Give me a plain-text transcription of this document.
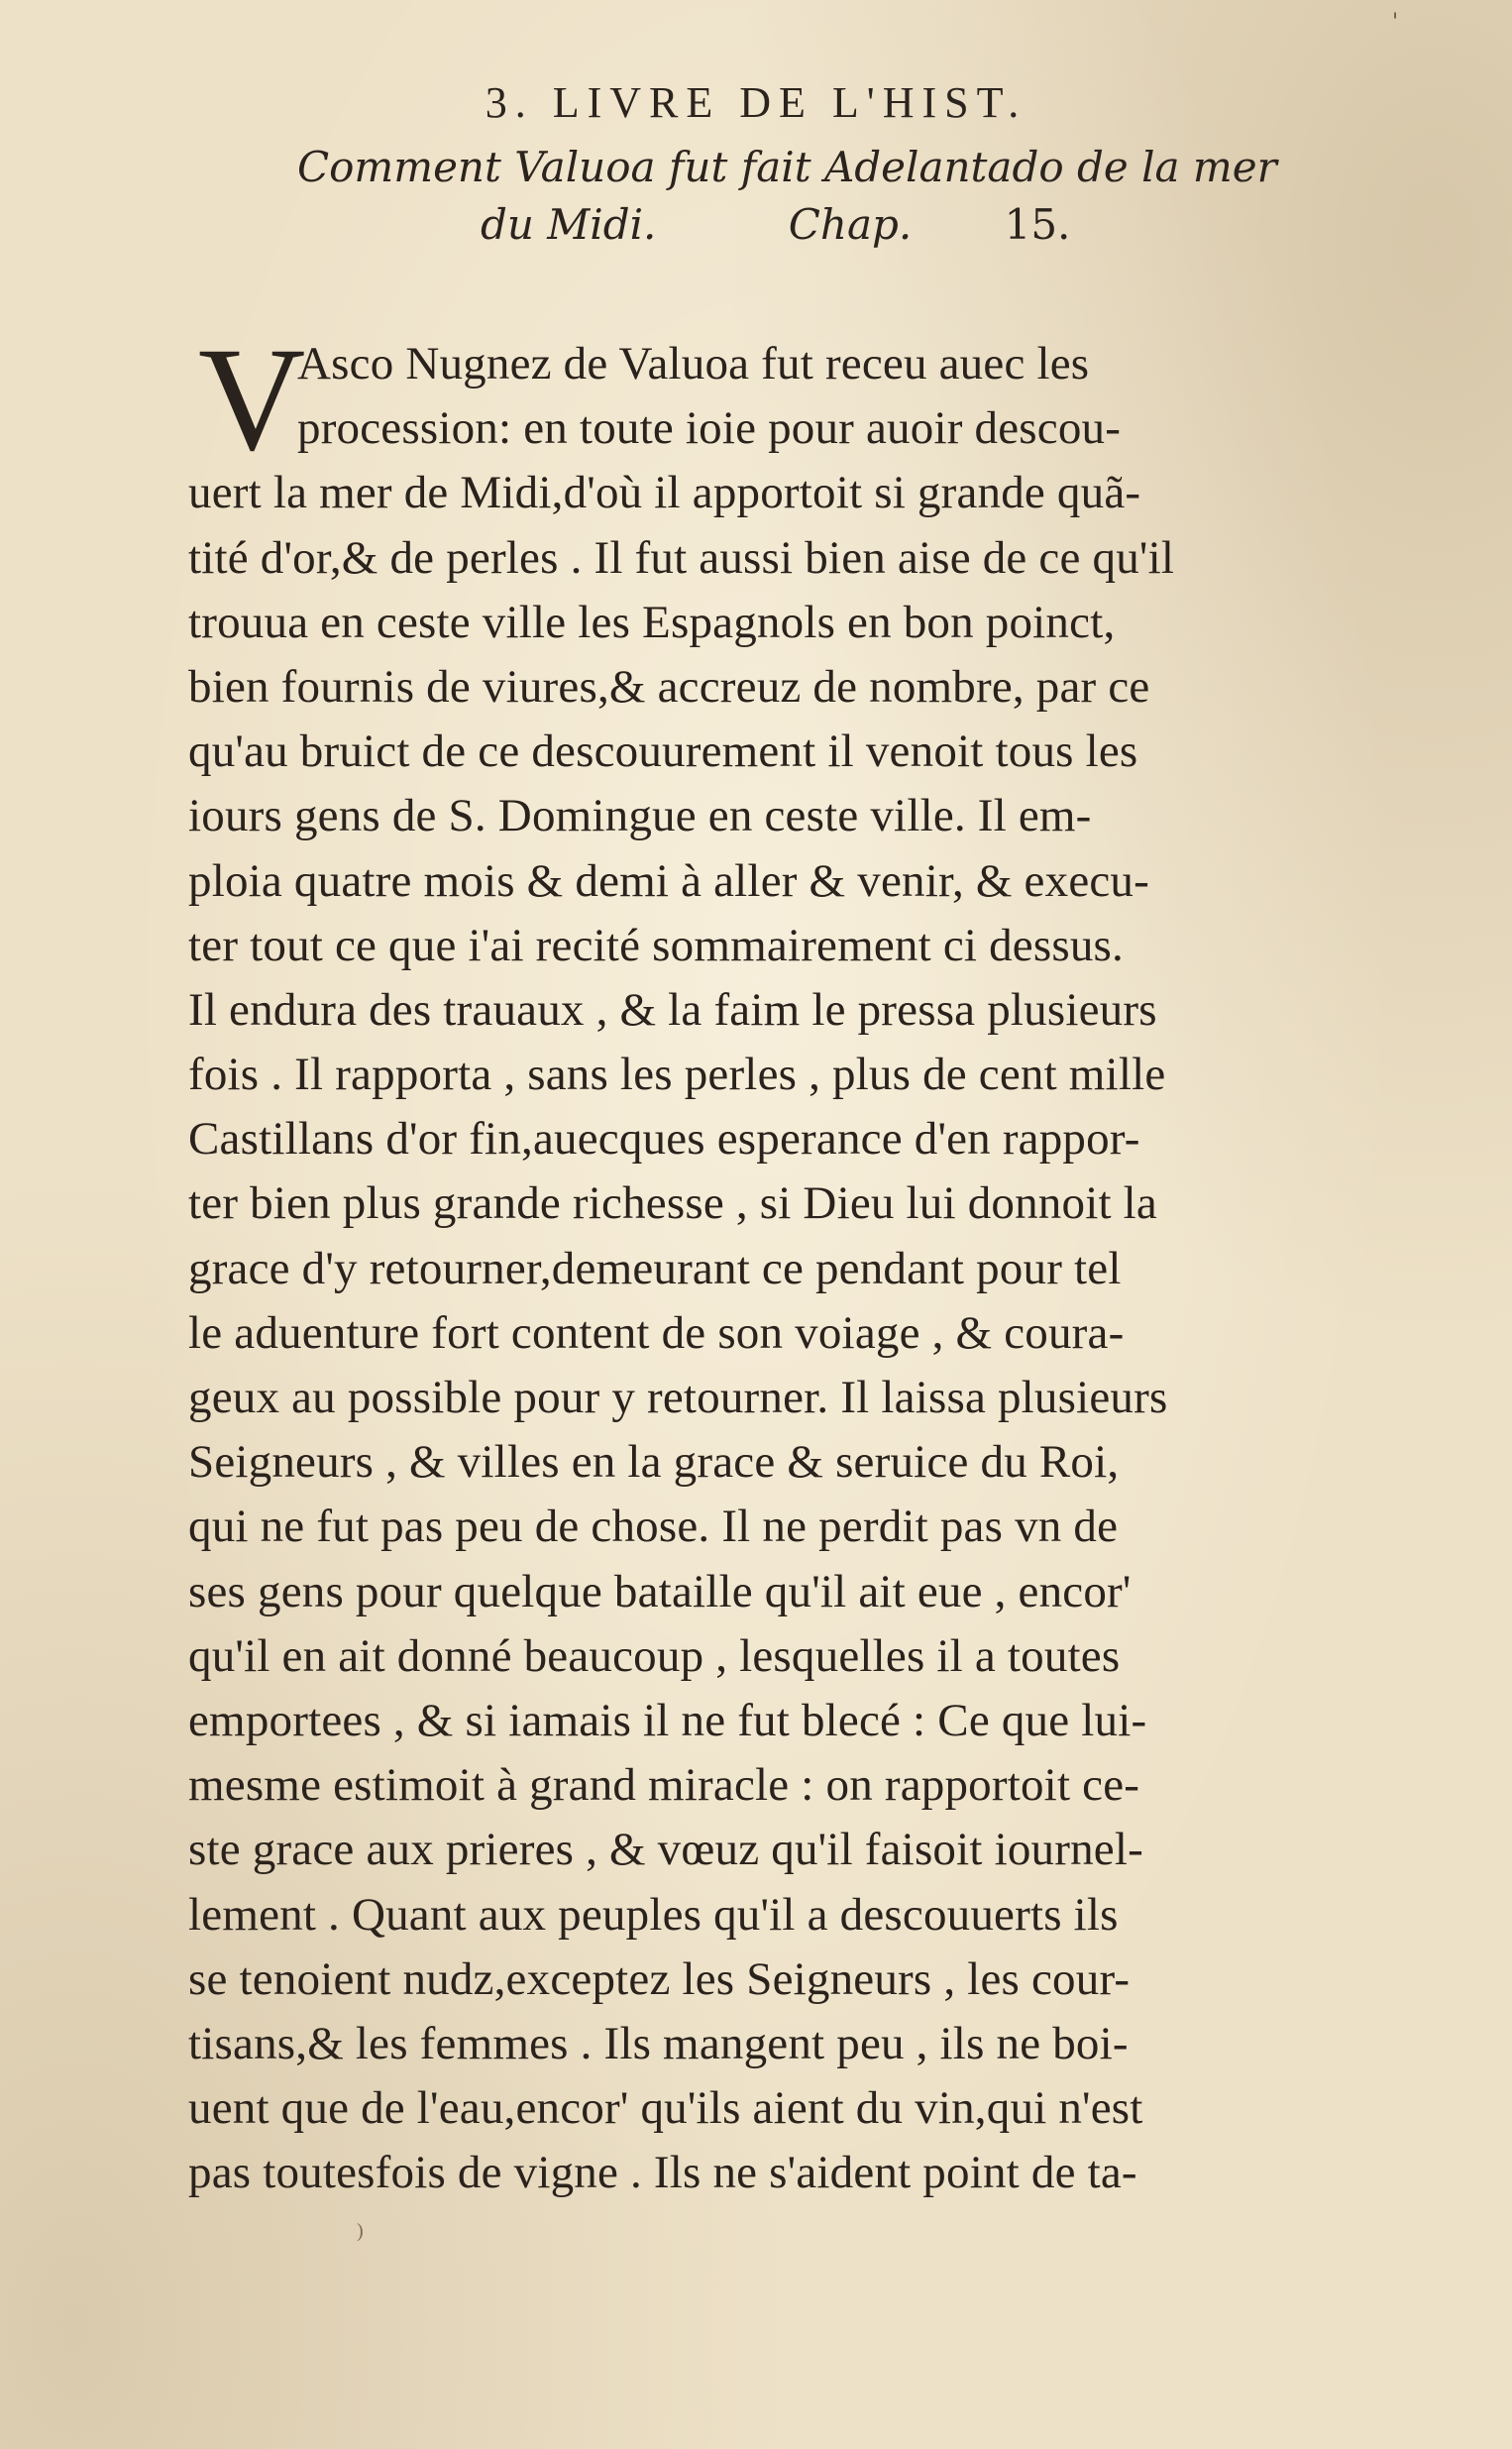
'
3. LIVRE DE L'HIST.
Comment Valuoa fut fait Adelantado de la mer
du Midi.	Chap. 15.
V
Asco Nugnez de Valuoa fut receu auec les
procession: en toute ioie pour auoir descou-
uert la mer de Midi,d'où il apportoit si grande quã-
tité d'or,& de perles . Il fut aussi bien aise de ce qu'il
trouua en ceste ville les Espagnols en bon poinct,
bien fournis de viures,& accreuz de nombre, par ce
qu'au bruict de ce descouurement il venoit tous les
iours gens de S. Domingue en ceste ville. Il em-
ploia quatre mois & demi à aller & venir, & execu-
ter tout ce que i'ai recité sommairement ci dessus.
Il endura des trauaux , & la faim le pressa plusieurs
fois . Il rapporta , sans les perles , plus de cent mille
Castillans d'or fin,auecques esperance d'en rappor-
ter bien plus grande richesse , si Dieu lui donnoit la
grace d'y retourner,demeurant ce pendant pour tel
le aduenture fort content de son voiage , & coura-
geux au possible pour y retourner. Il laissa plusieurs
Seigneurs , & villes en la grace & seruice du Roi,
qui ne fut pas peu de chose. Il ne perdit pas vn de
ses gens pour quelque bataille qu'il ait eue , encor'
qu'il en ait donné beaucoup , lesquelles il a toutes
emportees , & si iamais il ne fut blecé : Ce que lui-
mesme estimoit à grand miracle : on rapportoit ce-
ste grace aux prieres , & vœuz qu'il faisoit iournel-
lement . Quant aux peuples qu'il a descouuerts ils
se tenoient nudz,exceptez les Seigneurs , les cour-
tisans,& les femmes . Ils mangent peu , ils ne boi-
uent que de l'eau,encor' qu'ils aient du vin,qui n'est
pas toutesfois de vigne . Ils ne s'aident point de ta-
)
